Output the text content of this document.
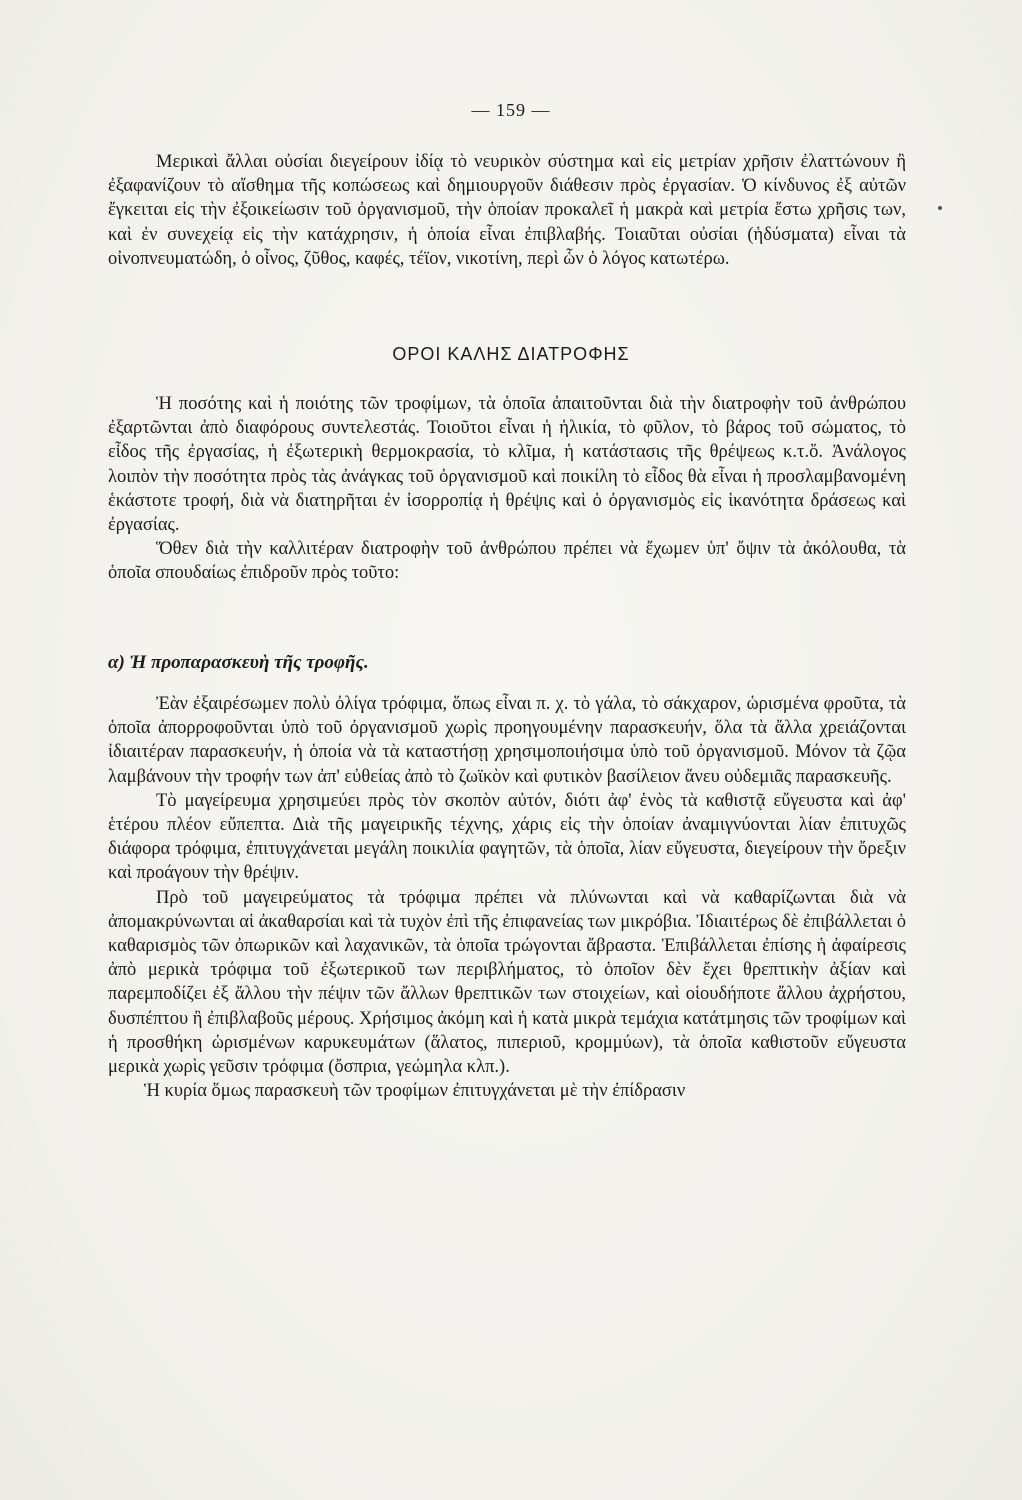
— 159 —

Μερικαὶ ἄλλαι οὐσίαι διεγείρουν ἰδίᾳ τὸ νευρικὸν σύστημα καὶ εἰς μετρίαν χρῆσιν ἐλαττώνουν ἢ ἐξαφανίζουν τὸ αἴσθημα τῆς κοπώσεως καὶ δημιουργοῦν διάθεσιν πρὸς ἐργασίαν. Ὁ κίνδυνος ἐξ αὐτῶν ἔγκειται εἰς τὴν ἐξοικείωσιν τοῦ ὀργανισμοῦ, τὴν ὁποίαν προκαλεῖ ἡ μακρὰ καὶ μετρία ἔστω χρῆσις των, καὶ ἐν συνεχείᾳ εἰς τὴν κατάχρησιν, ἡ ὁποία εἶναι ἐπιβλαβής. Τοιαῦται οὐσίαι (ἡδύσματα) εἶναι τὰ οἰνοπνευματώδη, ὁ οἶνος, ζῦθος, καφές, τέϊον, νικοτίνη, περὶ ὧν ὁ λόγος κατωτέρω.

ΟΡΟΙ ΚΑΛΗΣ ΔΙΑΤΡΟΦΗΣ

Ἡ ποσότης καὶ ἡ ποιότης τῶν τροφίμων, τὰ ὁποῖα ἀπαιτοῦνται διὰ τὴν διατροφὴν τοῦ ἀνθρώπου ἐξαρτῶνται ἀπὸ διαφόρους συντελεστάς. Τοιοῦτοι εἶναι ἡ ἡλικία, τὸ φῦλον, τὸ βάρος τοῦ σώματος, τὸ εἶδος τῆς ἐργασίας, ἡ ἐξωτερικὴ θερμοκρασία, τὸ κλῖμα, ἡ κατάστασις τῆς θρέψεως κ.τ.ὅ. Ἀνάλογος λοιπὸν τὴν ποσότητα πρὸς τὰς ἀνάγκας τοῦ ὀργανισμοῦ καὶ ποικίλη τὸ εἶδος θὰ εἶναι ἡ προσλαμβανομένη ἑκάστοτε τροφή, διὰ νὰ διατηρῆται ἐν ἰσορροπίᾳ ἡ θρέψις καὶ ὁ ὀργανισμὸς εἰς ἱκανότητα δράσεως καὶ ἐργασίας.

Ὅθεν διὰ τὴν καλλιτέραν διατροφὴν τοῦ ἀνθρώπου πρέπει νὰ ἔχωμεν ὑπ' ὄψιν τὰ ἀκόλουθα, τὰ ὁποῖα σπουδαίως ἐπιδροῦν πρὸς τοῦτο:

α) Ἡ προπαρασκευὴ τῆς τροφῆς.

Ἐὰν ἐξαιρέσωμεν πολὺ ὀλίγα τρόφιμα, ὅπως εἶναι π. χ. τὸ γάλα, τὸ σάκχαρον, ὡρισμένα φροῦτα, τὰ ὁποῖα ἀπορροφοῦνται ὑπὸ τοῦ ὀργανισμοῦ χωρὶς προηγουμένην παρασκευήν, ὅλα τὰ ἄλλα χρειάζονται ἰδιαιτέραν παρασκευήν, ἡ ὁποία νὰ τὰ καταστήσῃ χρησιμοποιήσιμα ὑπὸ τοῦ ὀργανισμοῦ. Μόνον τὰ ζῷα λαμβάνουν τὴν τροφήν των ἀπ' εὐθείας ἀπὸ τὸ ζωϊκὸν καὶ φυτικὸν βασίλειον ἄνευ οὐδεμιᾶς παρασκευῆς.

Τὸ μαγείρευμα χρησιμεύει πρὸς τὸν σκοπὸν αὐτόν, διότι ἀφ' ἑνὸς τὰ καθιστᾷ εὔγευστα καὶ ἀφ' ἑτέρου πλέον εὔπεπτα. Διὰ τῆς μαγειρικῆς τέχνης, χάρις εἰς τὴν ὁποίαν ἀναμιγνύονται λίαν ἐπιτυχῶς διάφορα τρόφιμα, ἐπιτυγχάνεται μεγάλη ποικιλία φαγητῶν, τὰ ὁποῖα, λίαν εὔγευστα, διεγείρουν τὴν ὄρεξιν καὶ προάγουν τὴν θρέψιν.

Πρὸ τοῦ μαγειρεύματος τὰ τρόφιμα πρέπει νὰ πλύνωνται καὶ νὰ καθαρίζωνται διὰ νὰ ἀπομακρύνωνται αἱ ἀκαθαρσίαι καὶ τὰ τυχὸν ἐπὶ τῆς ἐπιφανείας των μικρόβια. Ἰδιαιτέρως δὲ ἐπιβάλλεται ὁ καθαρισμὸς τῶν ὀπωρικῶν καὶ λαχανικῶν, τὰ ὁποῖα τρώγονται ἄβραστα. Ἐπιβάλλεται ἐπίσης ἡ ἀφαίρεσις ἀπὸ μερικὰ τρόφιμα τοῦ ἐξωτερικοῦ των περιβλήματος, τὸ ὁποῖον δὲν ἔχει θρεπτικὴν ἀξίαν καὶ παρεμποδίζει ἐξ ἄλλου τὴν πέψιν τῶν ἄλλων θρεπτικῶν των στοιχείων, καὶ οἱουδήποτε ἄλλου ἀχρήστου, δυσπέπτου ἢ ἐπιβλαβοῦς μέρους. Χρήσιμος ἀκόμη καὶ ἡ κατὰ μικρὰ τεμάχια κατάτμησις τῶν τροφίμων καὶ ἡ προσθήκη ὡρισμένων καρυκευμάτων (ἅλατος, πιπεριοῦ, κρομμύων), τὰ ὁποῖα καθιστοῦν εὔγευστα μερικὰ χωρὶς γεῦσιν τρόφιμα (ὄσπρια, γεώμηλα κλπ.).

Ἡ κυρία ὅμως παρασκευὴ τῶν τροφίμων ἐπιτυγχάνεται μὲ τὴν ἐπίδρασιν
